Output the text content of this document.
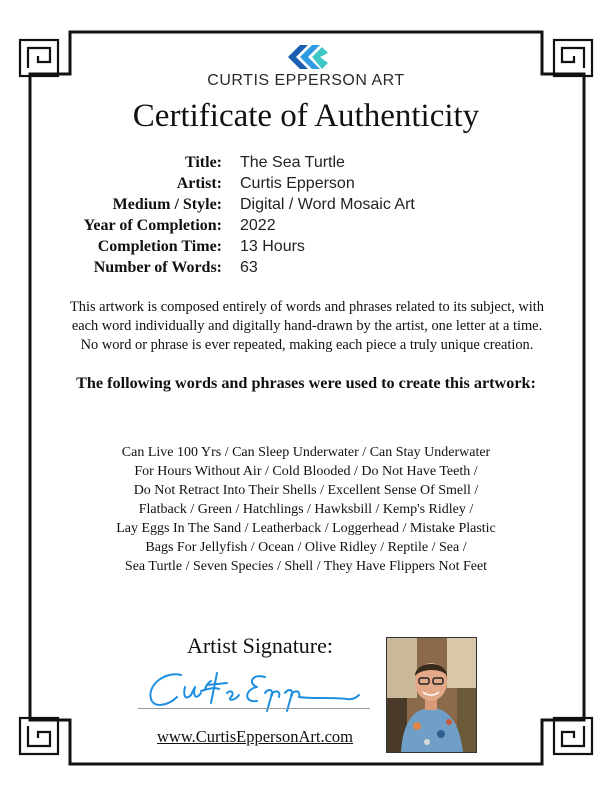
CURTIS EPPERSON ART
Certificate of Authenticity
Title:	The Sea Turtle
Artist:	Curtis Epperson
Medium / Style:	Digital / Word Mosaic Art
Year of Completion:	2022
Completion Time:	13 Hours
Number of Words:	63
This artwork is composed entirely of words and phrases related to its subject, with
each word individually and digitally hand-drawn by the artist, one letter at a time.
No word or phrase is ever repeated, making each piece a truly unique creation.
The following words and phrases were used to create this artwork:
Can Live 100 Yrs / Can Sleep Underwater / Can Stay Underwater
For Hours Without Air / Cold Blooded / Do Not Have Teeth /
Do Not Retract Into Their Shells / Excellent Sense Of Smell /
Flatback / Green / Hatchlings / Hawksbill / Kemp's Ridley /
Lay Eggs In The Sand / Leatherback / Loggerhead / Mistake Plastic
Bags For Jellyfish / Ocean / Olive Ridley / Reptile / Sea /
Sea Turtle / Seven Species / Shell / They Have Flippers Not Feet
Artist Signature:
www.CurtisEppersonArt.com
